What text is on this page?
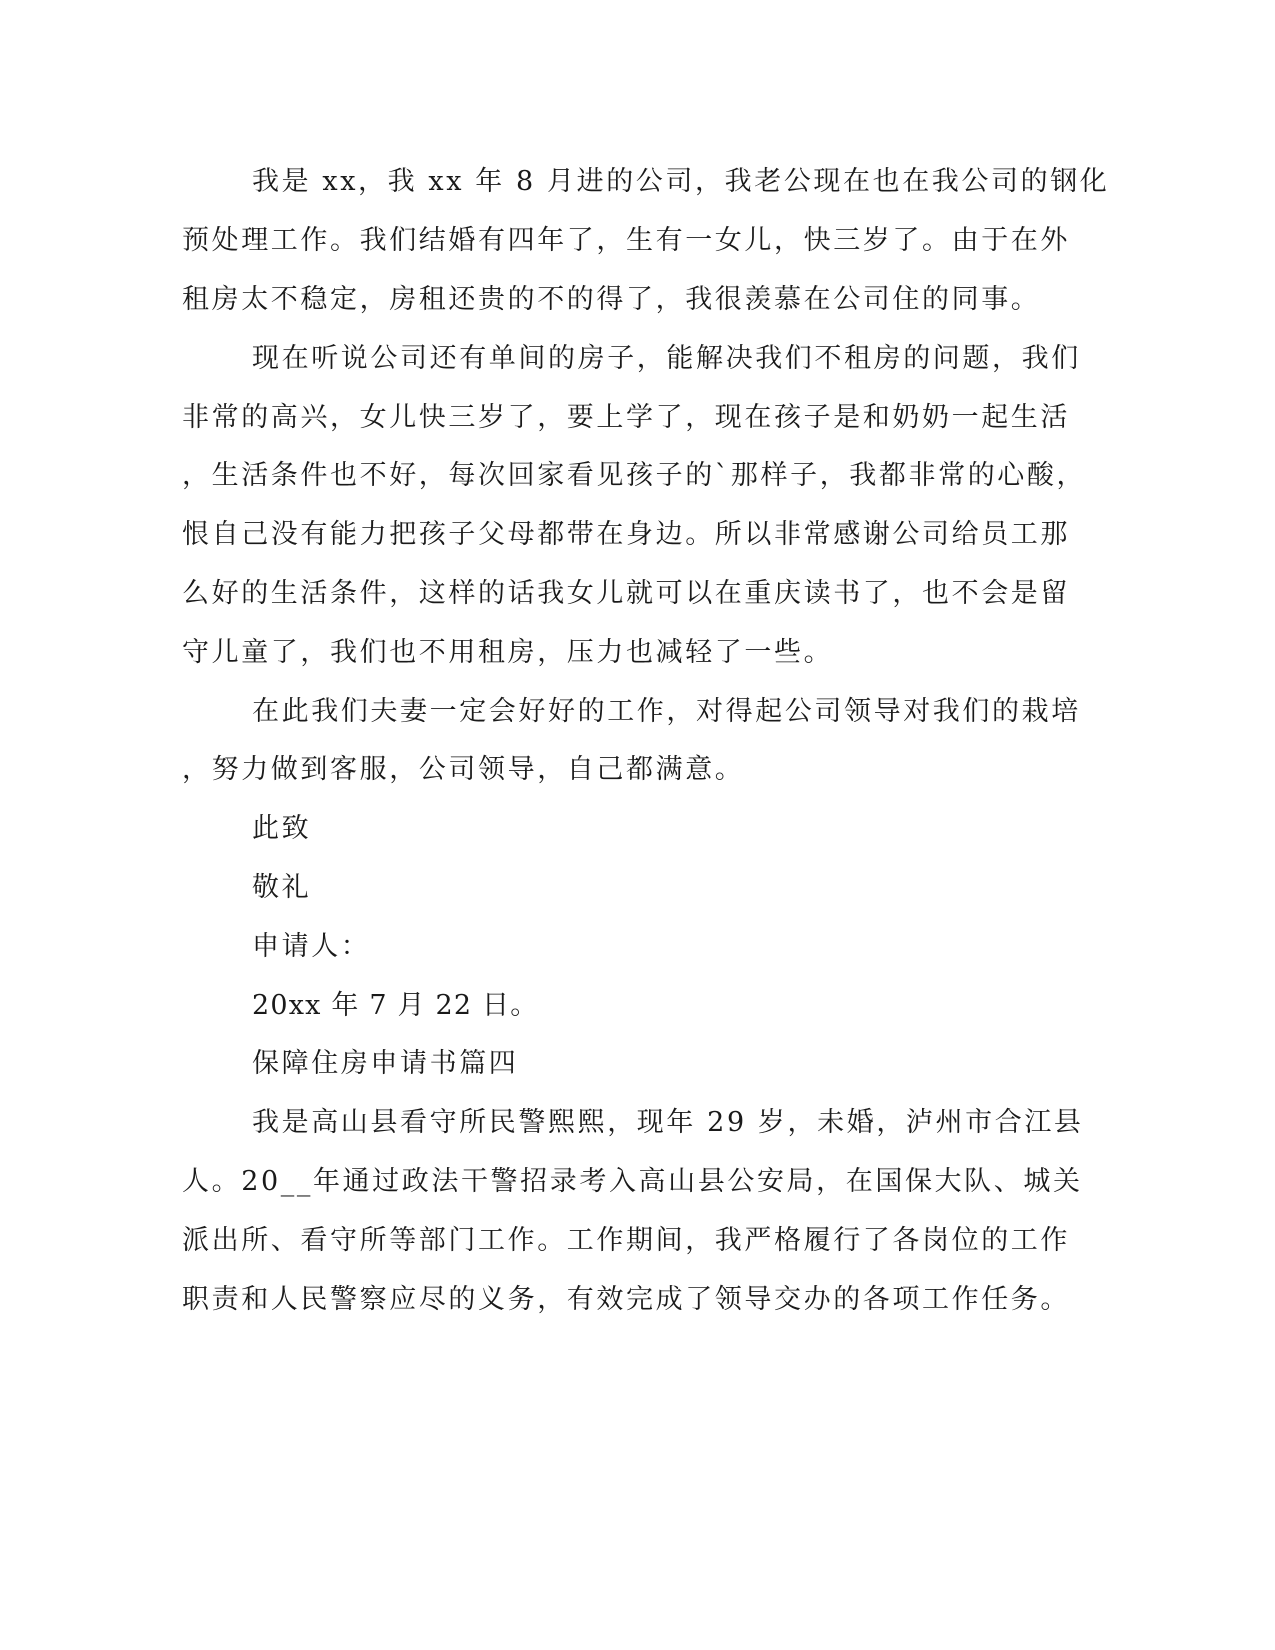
我是 xx，我 xx 年 8 月进的公司，我老公现在也在我公司的钢化

预处理工作。我们结婚有四年了，生有一女儿，快三岁了。由于在外

租房太不稳定，房租还贵的不的得了，我很羡慕在公司住的同事。

现在听说公司还有单间的房子，能解决我们不租房的问题，我们

非常的高兴，女儿快三岁了，要上学了，现在孩子是和奶奶一起生活

，生活条件也不好，每次回家看见孩子的`那样子，我都非常的心酸，

恨自己没有能力把孩子父母都带在身边。所以非常感谢公司给员工那

么好的生活条件，这样的话我女儿就可以在重庆读书了，也不会是留

守儿童了，我们也不用租房，压力也减轻了一些。

在此我们夫妻一定会好好的工作，对得起公司领导对我们的栽培

，努力做到客服，公司领导，自己都满意。

此致

敬礼

申请人：

20xx 年 7 月 22 日。

保障住房申请书篇四

我是高山县看守所民警熙熙，现年 29 岁，未婚，泸州市合江县

人。20__年通过政法干警招录考入高山县公安局，在国保大队、城关

派出所、看守所等部门工作。工作期间，我严格履行了各岗位的工作

职责和人民警察应尽的义务，有效完成了领导交办的各项工作任务。
